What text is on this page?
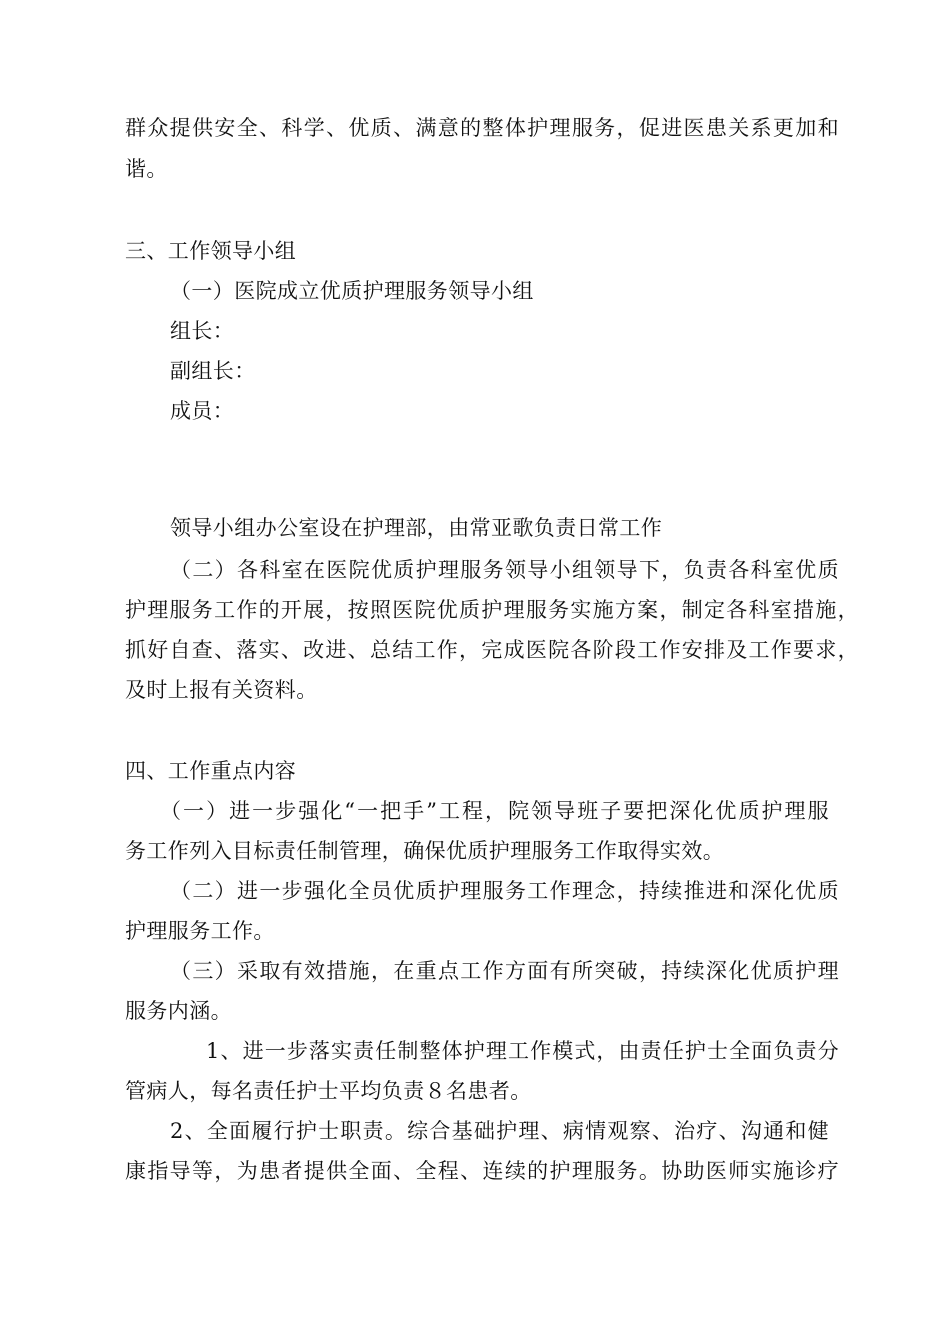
群众提供安全、科学、优质、满意的整体护理服务，促进医患关系更加和
谐。
三、工作领导小组
（一）医院成立优质护理服务领导小组
组长：
副组长：
成员：
领导小组办公室设在护理部，由常亚歌负责日常工作
（二）各科室在医院优质护理服务领导小组领导下，负责各科室优质
护理服务工作的开展，按照医院优质护理服务实施方案，制定各科室措施，
抓好自查、落实、改进、总结工作，完成医院各阶段工作安排及工作要求，
及时上报有关资料。
四、工作重点内容
（一）进一步强化“一把手”工程，院领导班子要把深化优质护理服
务工作列入目标责任制管理，确保优质护理服务工作取得实效。
（二）进一步强化全员优质护理服务工作理念，持续推进和深化优质
护理服务工作。
（三）采取有效措施，在重点工作方面有所突破，持续深化优质护理
服务内涵。
1、进一步落实责任制整体护理工作模式，由责任护士全面负责分
管病人，每名责任护士平均负责８名患者。
2、全面履行护士职责。综合基础护理、病情观察、治疗、沟通和健
康指导等，为患者提供全面、全程、连续的护理服务。协助医师实施诊疗
